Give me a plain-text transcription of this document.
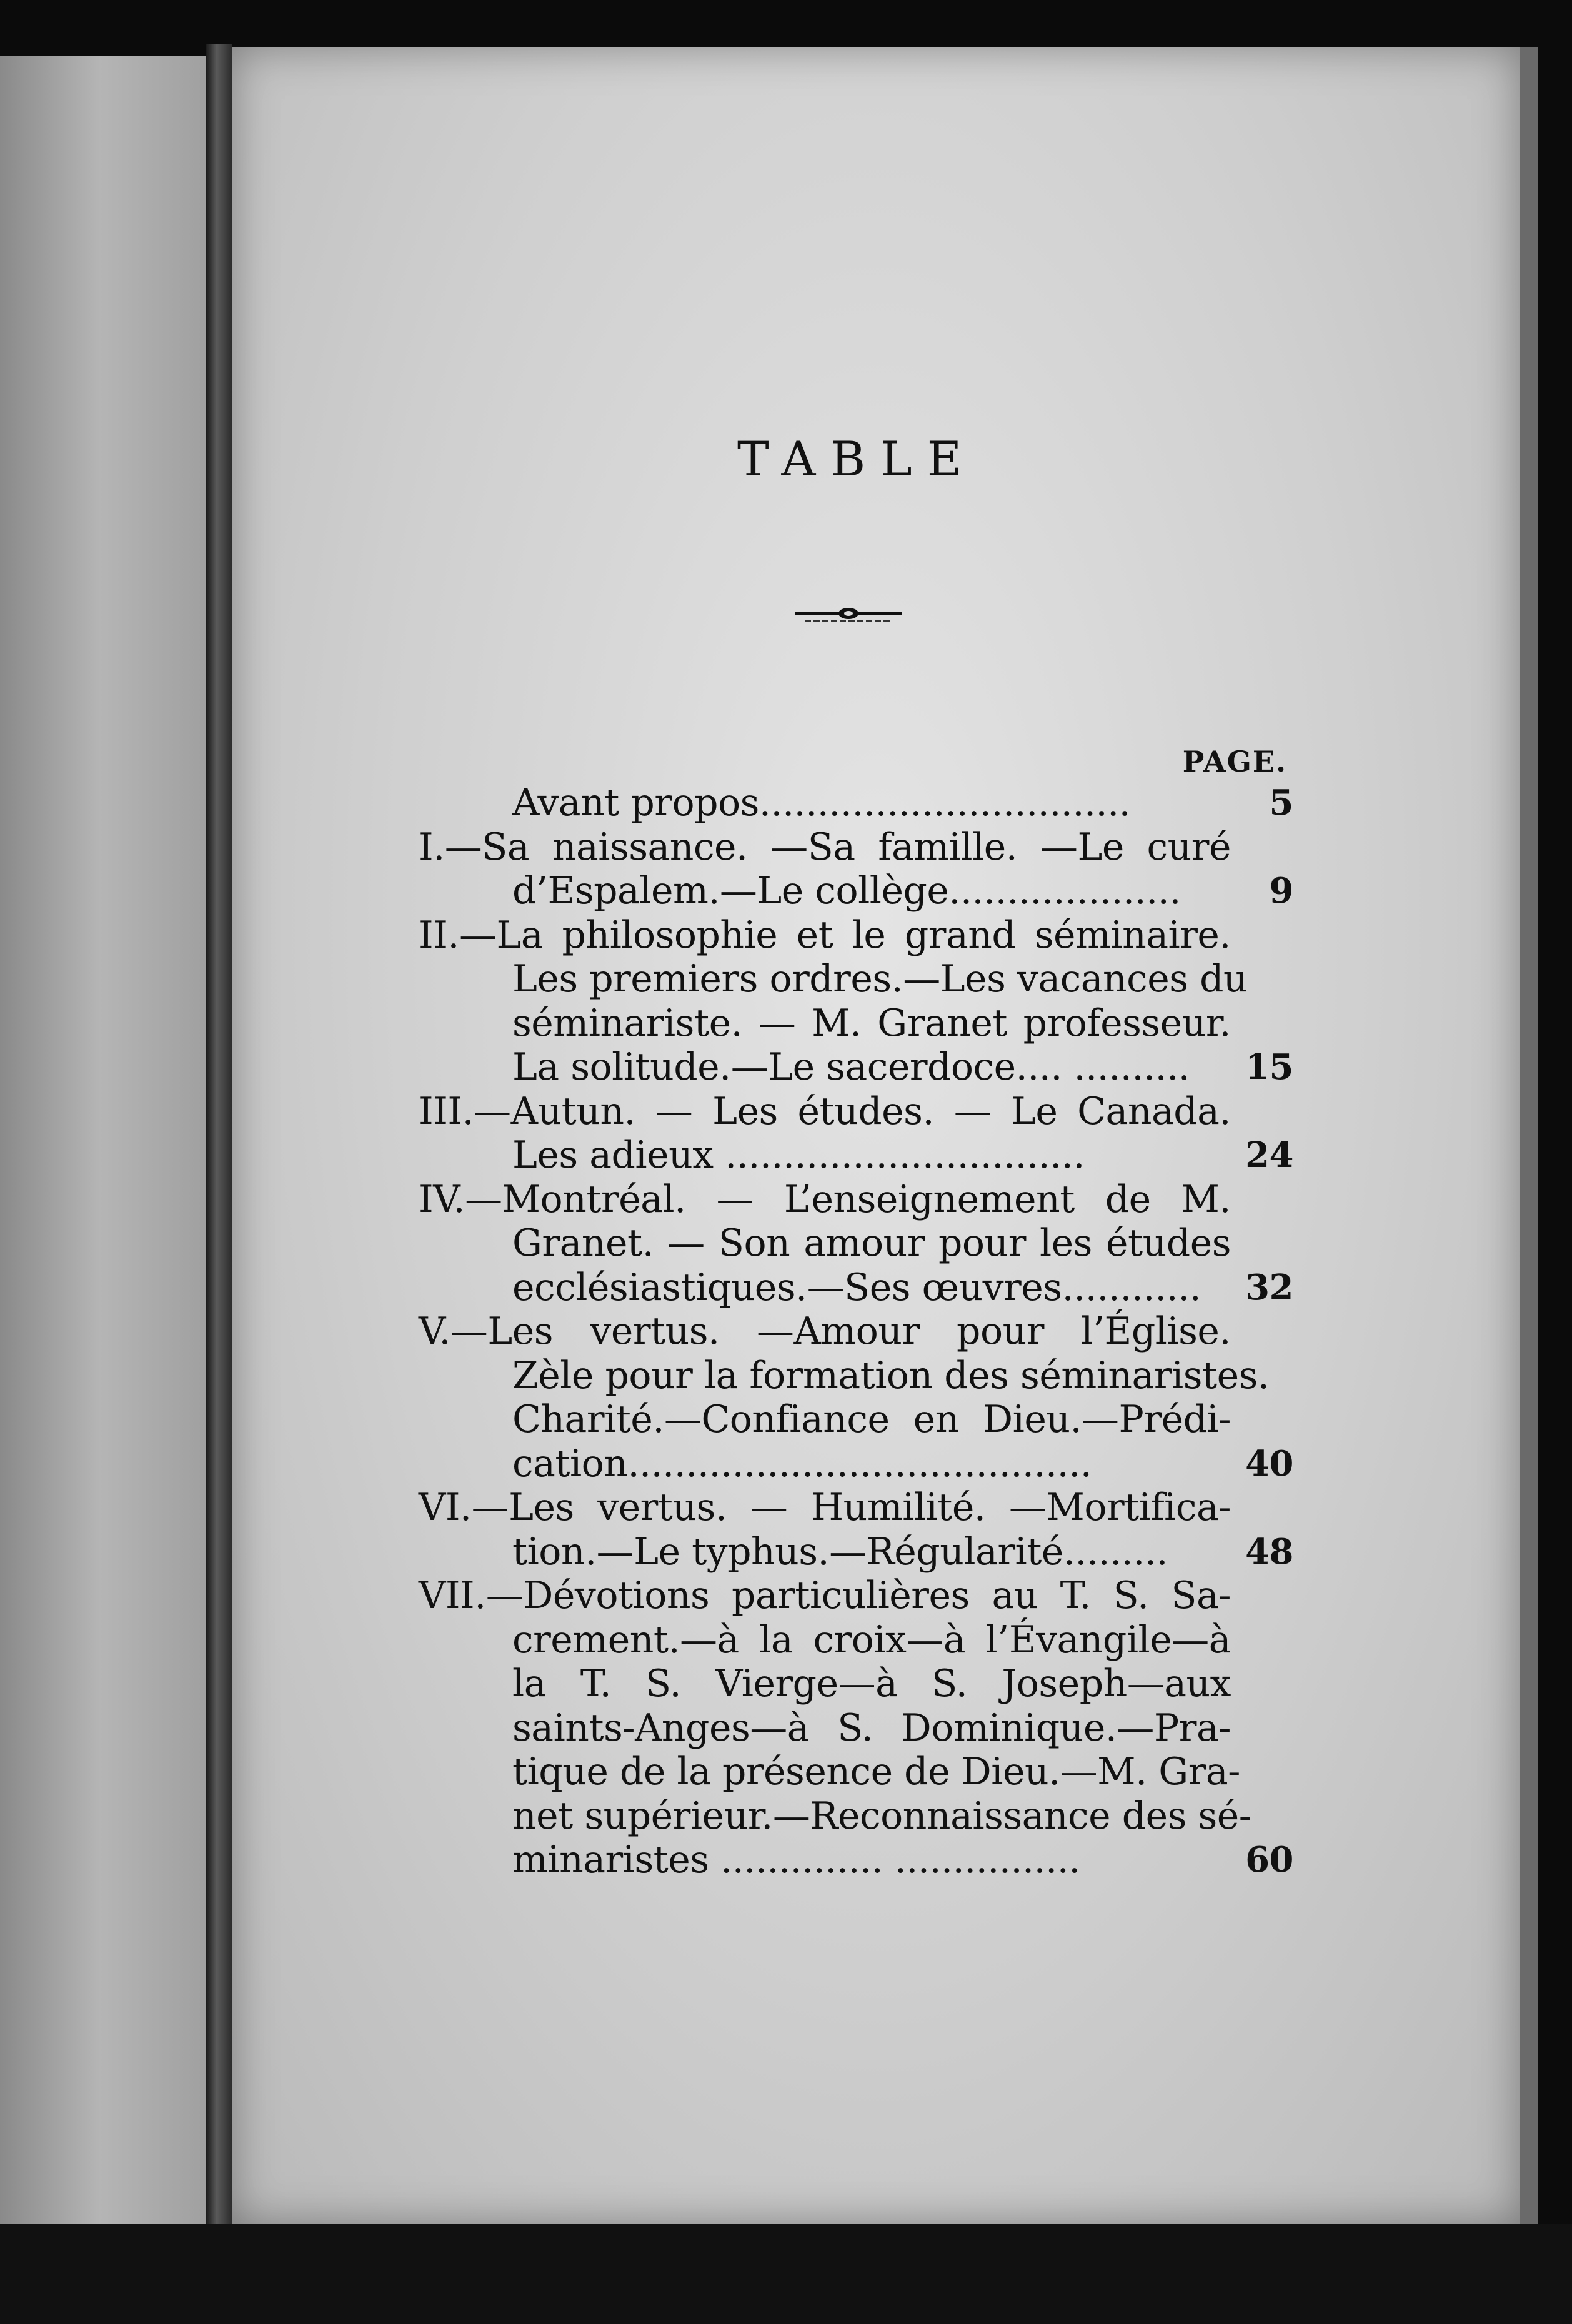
TABLE
PAGE.
Avant propos................................	5
I.—Sa naissance. —Sa famille. —Le curé
d’Espalem.—Le collège....................	9
II.—La philosophie et le grand séminaire.
Les premiers ordres.—Les vacances du
séminariste. — M. Granet professeur.
La solitude.—Le sacerdoce.... ..........	15
III.—Autun. — Les études. — Le Canada.
Les adieux ...............................	24
IV.—Montréal. — L’enseignement de M.
Granet. — Son amour pour les études
ecclésiastiques.—Ses œuvres............	32
V.—Les vertus. —Amour pour l’Église.
Zèle pour la formation des séminaristes.
Charité.—Confiance en Dieu.—Prédi-
cation........................................	40
VI.—Les vertus. — Humilité. —Mortifica-
tion.—Le typhus.—Régularité.........	48
VII.—Dévotions particulières au T. S. Sa-
crement.—à la croix—à l’Évangile—à
la T. S. Vierge—à S. Joseph—aux
saints-Anges—à S. Dominique.—Pra-
tique de la présence de Dieu.—M. Gra-
net supérieur.—Reconnaissance des sé-
minaristes .............. ................	60
